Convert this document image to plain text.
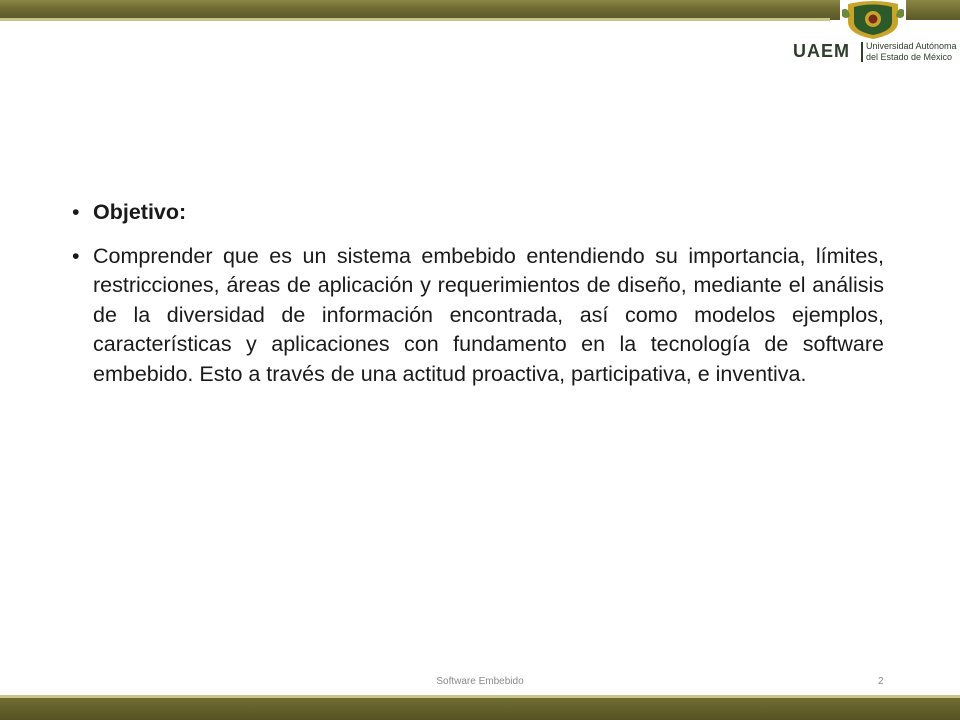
UAEM Universidad Autónoma
del Estado de México
• Objetivo:
• Comprender que es un sistema embebido entendiendo su importancia, límites, restricciones, áreas de aplicación y requerimientos de diseño, mediante el análisis de la diversidad de información encontrada, así como modelos ejemplos, características y aplicaciones con fundamento en la tecnología de software embebido. Esto a través de una actitud proactiva, participativa, e inventiva.
Software Embebido	2
